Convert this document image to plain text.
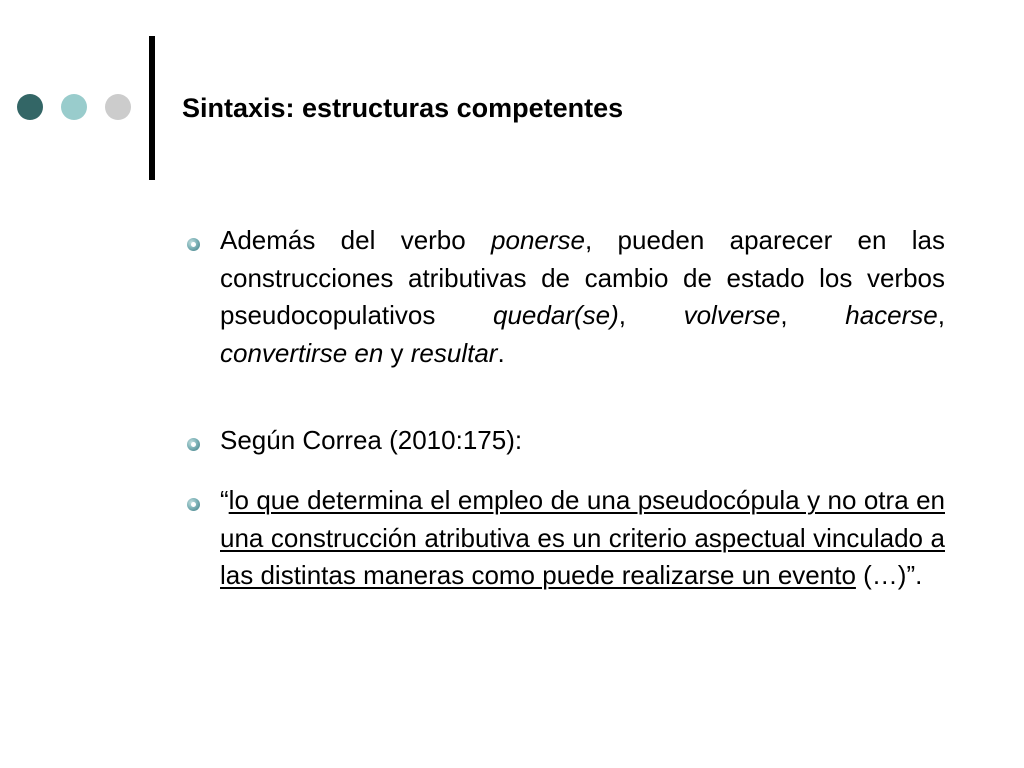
Sintaxis: estructuras competentes
Además del verbo ponerse, pueden aparecer en las construcciones atributivas de cambio de estado los verbos pseudocopulativos quedar(se), volverse, hacerse, convertirse en y resultar.
Según Correa (2010:175):
“lo que determina el empleo de una pseudocópula y no otra en una construcción atributiva es un criterio aspectual vinculado a las distintas maneras como puede realizarse un evento (…)”.
